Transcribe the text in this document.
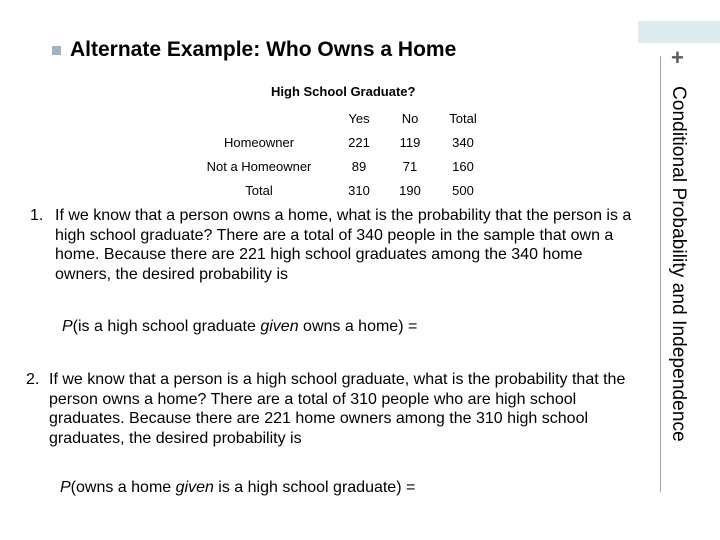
+
Conditional Probability and Independence
Alternate Example: Who Owns a Home
High School Graduate?
	Yes	No	Total
Homeowner	221	119	340
Not a Homeowner	89	71	160
Total	310	190	500
1. If we know that a person owns a home, what is the probability that the person is a high school graduate? There are a total of 340 people in the sample that own a home. Because there are 221 high school graduates among the 340 home owners, the desired probability is
P(is a high school graduate given owns a home) =
2. If we know that a person is a high school graduate, what is the probability that the person owns a home? There are a total of 310 people who are high school graduates. Because there are 221 home owners among the 310 high school graduates, the desired probability is
P(owns a home given is a high school graduate) =
